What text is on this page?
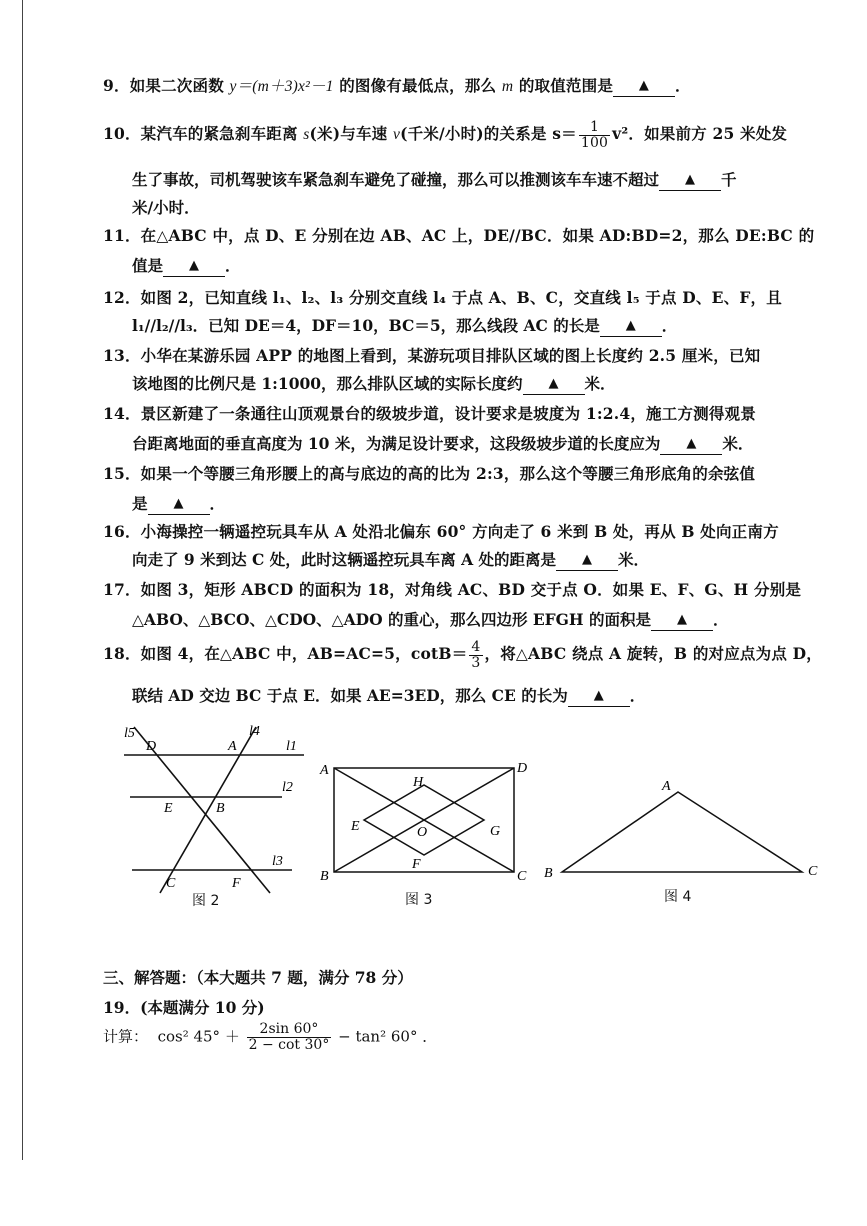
9．如果二次函数 y＝(m＋3)x²－1 的图像有最低点，那么 m 的取值范围是 ▲ ．
10．某汽车的紧急刹车距离 s(米)与车速 v(千米/小时)的关系是 $s= \frac{1}{100} v^2$．如果前方 25 米处发
生了事故，司机驾驶该车紧急刹车避免了碰撞，那么可以推测该车车速不超过 ▲ 千
米/小时．
11．在△ABC 中，点 D、E 分别在边 AB、AC 上，DE//BC．如果 AD:BD=2，那么 DE:BC 的
值是 ▲ ．
12．如图 2，已知直线 l₁、l₂、l₃ 分别交直线 l₄ 于点 A、B、C，交直线 l₅ 于点 D、E、F，且
l₁//l₂//l₃．已知 DE＝4，DF＝10，BC＝5，那么线段 AC 的长是 ▲ ．
13．小华在某游乐园 APP 的地图上看到，某游玩项目排队区域的图上长度约 2.5 厘米，已知
该地图的比例尺是 1:1000，那么排队区域的实际长度约 ▲ 米．
14．景区新建了一条通往山顶观景台的级坡步道，设计要求是坡度为 1:2.4，施工方测得观景
台距离地面的垂直高度为 10 米，为满足设计要求，这段级坡步道的长度应为 ▲ 米．
15．如果一个等腰三角形腰上的高与底边的高的比为 2:3，那么这个等腰三角形底角的余弦值
是 ▲ ．
16．小海操控一辆遥控玩具车从 A 处沿北偏东 60° 方向走了 6 米到 B 处，再从 B 处向正南方
向走了 9 米到达 C 处，此时这辆遥控玩具车离 A 处的距离是 ▲ 米．
17．如图 3，矩形 ABCD 的面积为 18，对角线 AC、BD 交于点 O．如果 E、F、G、H 分别是
△ABO、△BCO、△CDO、△ADO 的重心，那么四边形 EFGH 的面积是 ▲ ．
18．如图 4，在△ABC 中，AB=AC=5，$\cot B= \frac{4}{3}$ ，将△ABC 绕点 A 旋转，B 的对应点为点 D，
联结 AD 交边 BC 于点 E．如果 AE=3ED，那么 CE 的长为 ▲ ．
l5	l4
l1
l2
l3
D	A
E	B
C	F
图 2
A	D
H
E	O	G
F
B	C
图 3
A
B	C
图 4
三、解答题：（本大题共 7 题，满分 78 分）
19．(本题满分 10 分)
计算： cos² $45^\circ + \frac{2\sin 60^\circ}{2 - \cot 30^\circ} - \tan^2$ 60° ．
